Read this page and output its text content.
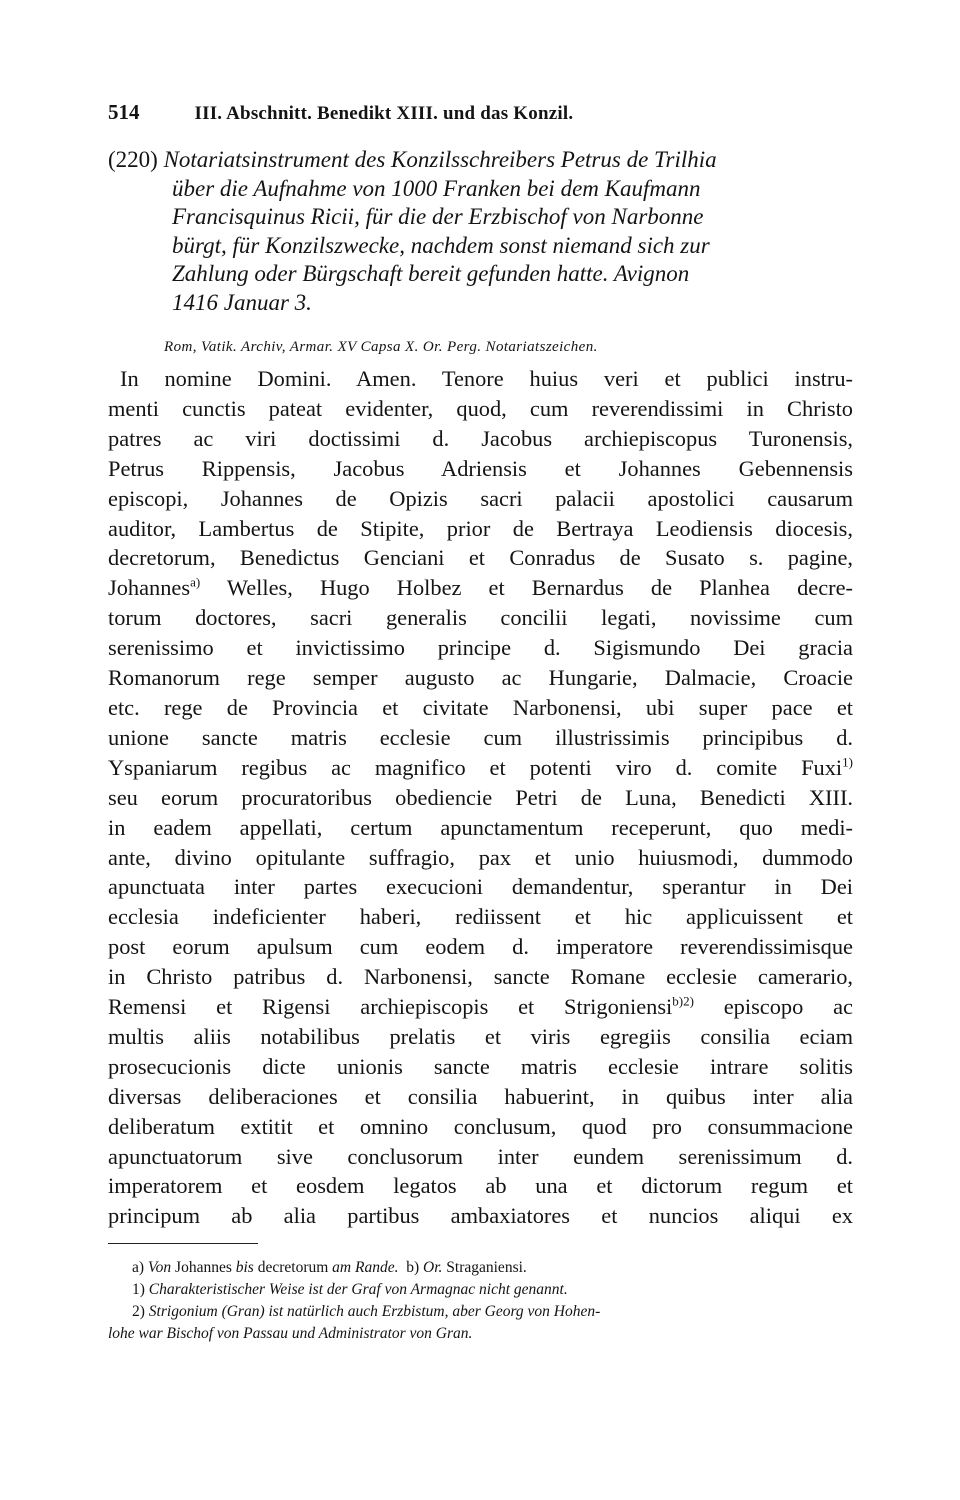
514	III. Abschnitt. Benedikt XIII. und das Konzil.
(220) Notariatsinstrument des Konzilsschreibers Petrus de Trilhia
über die Aufnahme von 1000 Franken bei dem Kaufmann
Francisquinus Ricii, für die der Erzbischof von Narbonne
bürgt, für Konzilszwecke, nachdem sonst niemand sich zur
Zahlung oder Bürgschaft bereit gefunden hatte. Avignon
1416 Januar 3.
Rom, Vatik. Archiv, Armar. XV Capsa X. Or. Perg. Notariatszeichen.
In nomine Domini. Amen. Tenore huius veri et publici instru-
menti cunctis pateat evidenter, quod, cum reverendissimi in Christo
patres ac viri doctissimi d. Jacobus archiepiscopus Turonensis,
Petrus Rippensis, Jacobus Adriensis et Johannes Gebennensis
episcopi, Johannes de Opizis sacri palacii apostolici causarum
auditor, Lambertus de Stipite, prior de Bertraya Leodiensis diocesis,
decretorum, Benedictus Genciani et Conradus de Susato s. pagine,
Johannes$^{a)}$ Welles, Hugo Holbez et Bernardus de Planhea decre-
torum doctores, sacri generalis concilii legati, novissime cum
serenissimo et invictissimo principe d. Sigismundo Dei gracia
Romanorum rege semper augusto ac Hungarie, Dalmacie, Croacie
etc. rege de Provincia et civitate Narbonensi, ubi super pace et
unione sancte matris ecclesie cum illustrissimis principibus d.
Yspaniarum regibus ac magnifico et potenti viro d. comite Fuxi$^{1)}$
seu eorum procuratoribus obediencie Petri de Luna, Benedicti XIII.
in eadem appellati, certum apunctamentum receperunt, quo medi-
ante, divino opitulante suffragio, pax et unio huiusmodi, dummodo
apunctuata inter partes execucioni demandentur, sperantur in Dei
ecclesia indeficienter haberi, rediissent et hic applicuissent et
post eorum apulsum cum eodem d. imperatore reverendissimisque
in Christo patribus d. Narbonensi, sancte Romane ecclesie camerario,
Remensi et Rigensi archiepiscopis et Strigoniensi$^{b)2)}$ episcopo ac
multis aliis notabilibus prelatis et viris egregiis consilia eciam
prosecucionis dicte unionis sancte matris ecclesie intrare solitis
diversas deliberaciones et consilia habuerint, in quibus inter alia
deliberatum extitit et omnino conclusum, quod pro consummacione
apunctuatorum sive conclusorum inter eundem serenissimum d.
imperatorem et eosdem legatos ab una et dictorum regum et
principum ab alia partibus ambaxiatores et nuncios aliqui ex
a) Von Johannes bis decretorum am Rande. b) Or. Straganiensi.
1) Charakteristischer Weise ist der Graf von Armagnac nicht genannt.
2) Strigonium (Gran) ist natürlich auch Erzbistum, aber Georg von Hohen-
lohe war Bischof von Passau und Administrator von Gran.
